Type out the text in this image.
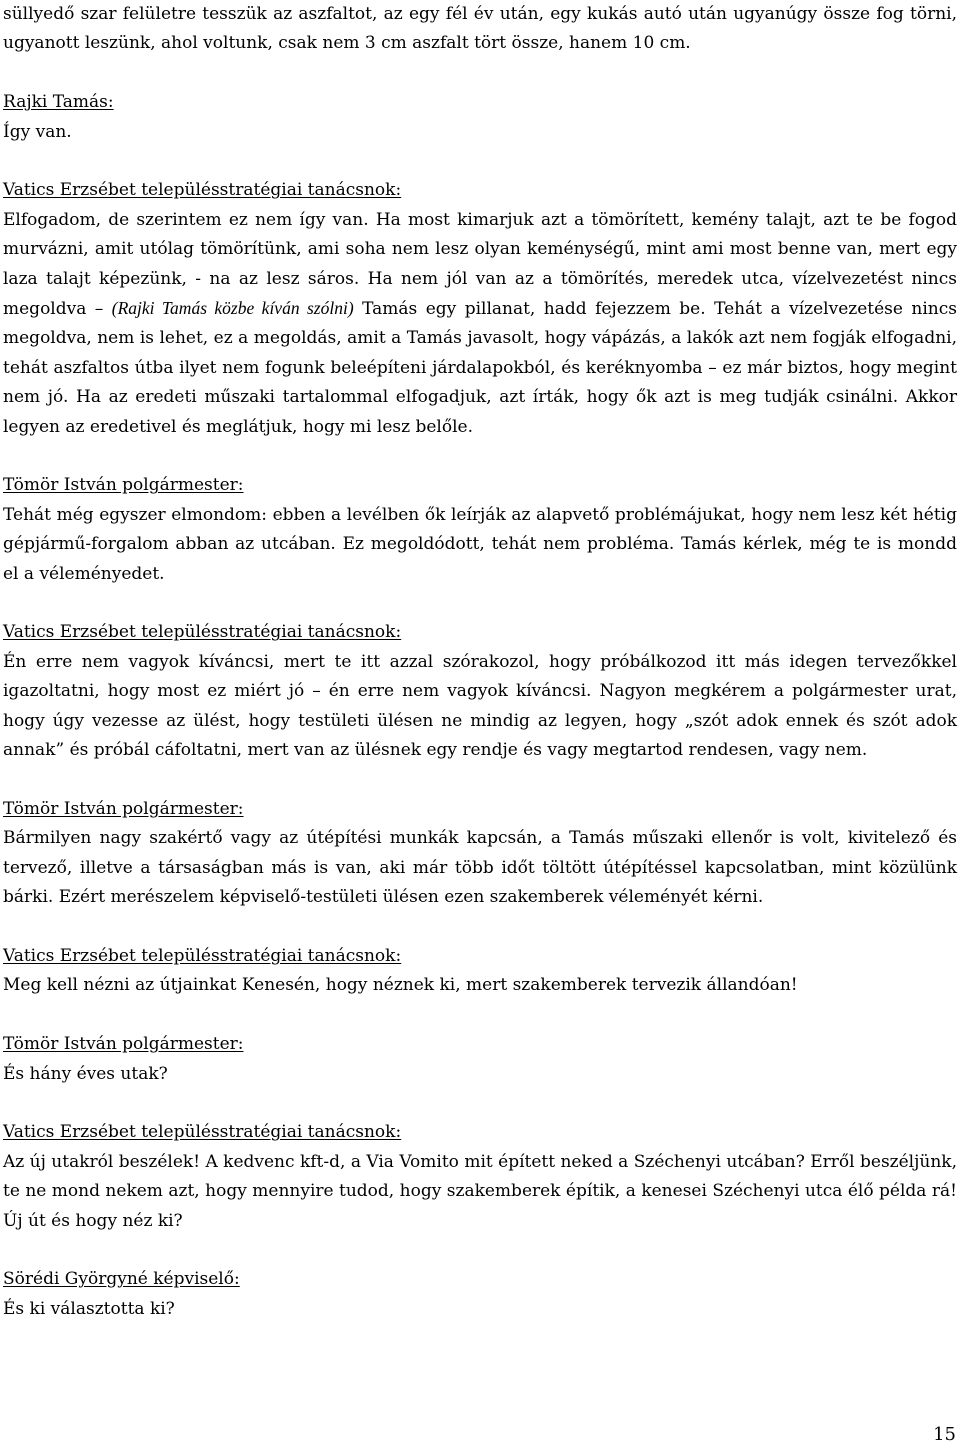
süllyedő szar felületre tesszük az aszfaltot, az egy fél év után, egy kukás autó után ugyanúgy össze fog törni, ugyanott leszünk, ahol voltunk, csak nem 3 cm aszfalt tört össze, hanem 10 cm.

Rajki Tamás:

Így van.

Vatics Erzsébet településstratégiai tanácsnok:

Elfogadom, de szerintem ez nem így van. Ha most kimarjuk azt a tömörített, kemény talajt, azt te be fogod murvázni, amit utólag tömörítünk, ami soha nem lesz olyan keménységű, mint ami most benne van, mert egy laza talajt képezünk, - na az lesz sáros. Ha nem jól van az a tömörítés, meredek utca, vízelvezetést nincs megoldva – (Rajki Tamás közbe kíván szólni) Tamás egy pillanat, hadd fejezzem be. Tehát a vízelvezetése nincs megoldva, nem is lehet, ez a megoldás, amit a Tamás javasolt, hogy vápázás, a lakók azt nem fogják elfogadni, tehát aszfaltos útba ilyet nem fogunk beleépíteni járdalapokból, és keréknyomba – ez már biztos, hogy megint nem jó. Ha az eredeti műszaki tartalommal elfogadjuk, azt írták, hogy ők azt is meg tudják csinálni. Akkor legyen az eredetivel és meglátjuk, hogy mi lesz belőle.

Tömör István polgármester:

Tehát még egyszer elmondom: ebben a levélben ők leírják az alapvető problémájukat, hogy nem lesz két hétig gépjármű-forgalom abban az utcában. Ez megoldódott, tehát nem probléma. Tamás kérlek, még te is mondd el a véleményedet.

Vatics Erzsébet településstratégiai tanácsnok:

Én erre nem vagyok kíváncsi, mert te itt azzal szórakozol, hogy próbálkozod itt más idegen tervezőkkel igazoltatni, hogy most ez miért jó – én erre nem vagyok kíváncsi. Nagyon megkérem a polgármester urat, hogy úgy vezesse az ülést, hogy testületi ülésen ne mindig az legyen, hogy „szót adok ennek és szót adok annak” és próbál cáfoltatni, mert van az ülésnek egy rendje és vagy megtartod rendesen, vagy nem.

Tömör István polgármester:

Bármilyen nagy szakértő vagy az útépítési munkák kapcsán, a Tamás műszaki ellenőr is volt, kivitelező és tervező, illetve a társaságban más is van, aki már több időt töltött útépítéssel kapcsolatban, mint közülünk bárki. Ezért merészelem képviselő-testületi ülésen ezen szakemberek véleményét kérni.

Vatics Erzsébet településstratégiai tanácsnok:

Meg kell nézni az útjainkat Kenesén, hogy néznek ki, mert szakemberek tervezik állandóan!

Tömör István polgármester:

És hány éves utak?

Vatics Erzsébet településstratégiai tanácsnok:

Az új utakról beszélek! A kedvenc kft-d, a Via Vomito mit épített neked a Széchenyi utcában? Erről beszéljünk, te ne mond nekem azt, hogy mennyire tudod, hogy szakemberek építik, a kenesei Széchenyi utca élő példa rá! Új út és hogy néz ki?

Sörédi Györgyné képviselő:

És ki választotta ki?

15
